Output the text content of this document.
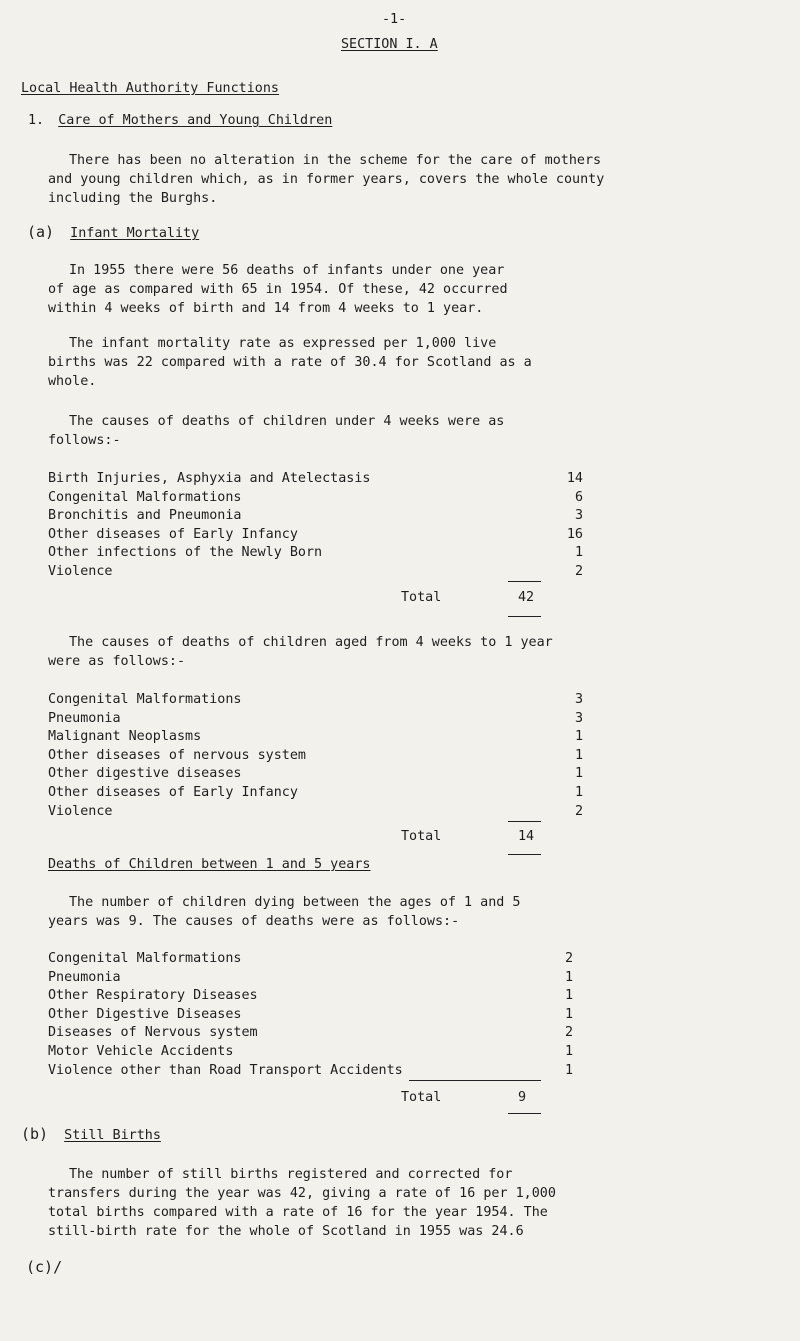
-1-
SECTION I. A
Local Health Authority Functions
1. Care of Mothers and Young Children
There has been no alteration in the scheme for the care of mothers
and young children which, as in former years, covers the whole county
including the Burghs.
(a) Infant Mortality
In 1955 there were 56 deaths of infants under one year
of age as compared with 65 in 1954. Of these, 42 occurred
within 4 weeks of birth and 14 from 4 weeks to 1 year.
The infant mortality rate as expressed per 1,000 live
births was 22 compared with a rate of 30.4 for Scotland as a
whole.
The causes of deaths of children under 4 weeks were as
follows:-
Birth Injuries, Asphyxia and Atelectasis	14
Congenital Malformations	6
Bronchitis and Pneumonia	3
Other diseases of Early Infancy	16
Other infections of the Newly Born	1
Violence	2
Total	42
The causes of deaths of children aged from 4 weeks to 1 year
were as follows:-
Congenital Malformations	3
Pneumonia	3
Malignant Neoplasms	1
Other diseases of nervous system	1
Other digestive diseases	1
Other diseases of Early Infancy	1
Violence	2
Total	14
Deaths of Children between 1 and 5 years
The number of children dying between the ages of 1 and 5
years was 9. The causes of deaths were as follows:-
Congenital Malformations	2
Pneumonia	1
Other Respiratory Diseases	1
Other Digestive Diseases	1
Diseases of Nervous system	2
Motor Vehicle Accidents	1
Violence other than Road Transport Accidents	1
Total	9
(b) Still Births
The number of still births registered and corrected for
transfers during the year was 42, giving a rate of 16 per 1,000
total births compared with a rate of 16 for the year 1954. The
still-birth rate for the whole of Scotland in 1955 was 24.6
(c)/
